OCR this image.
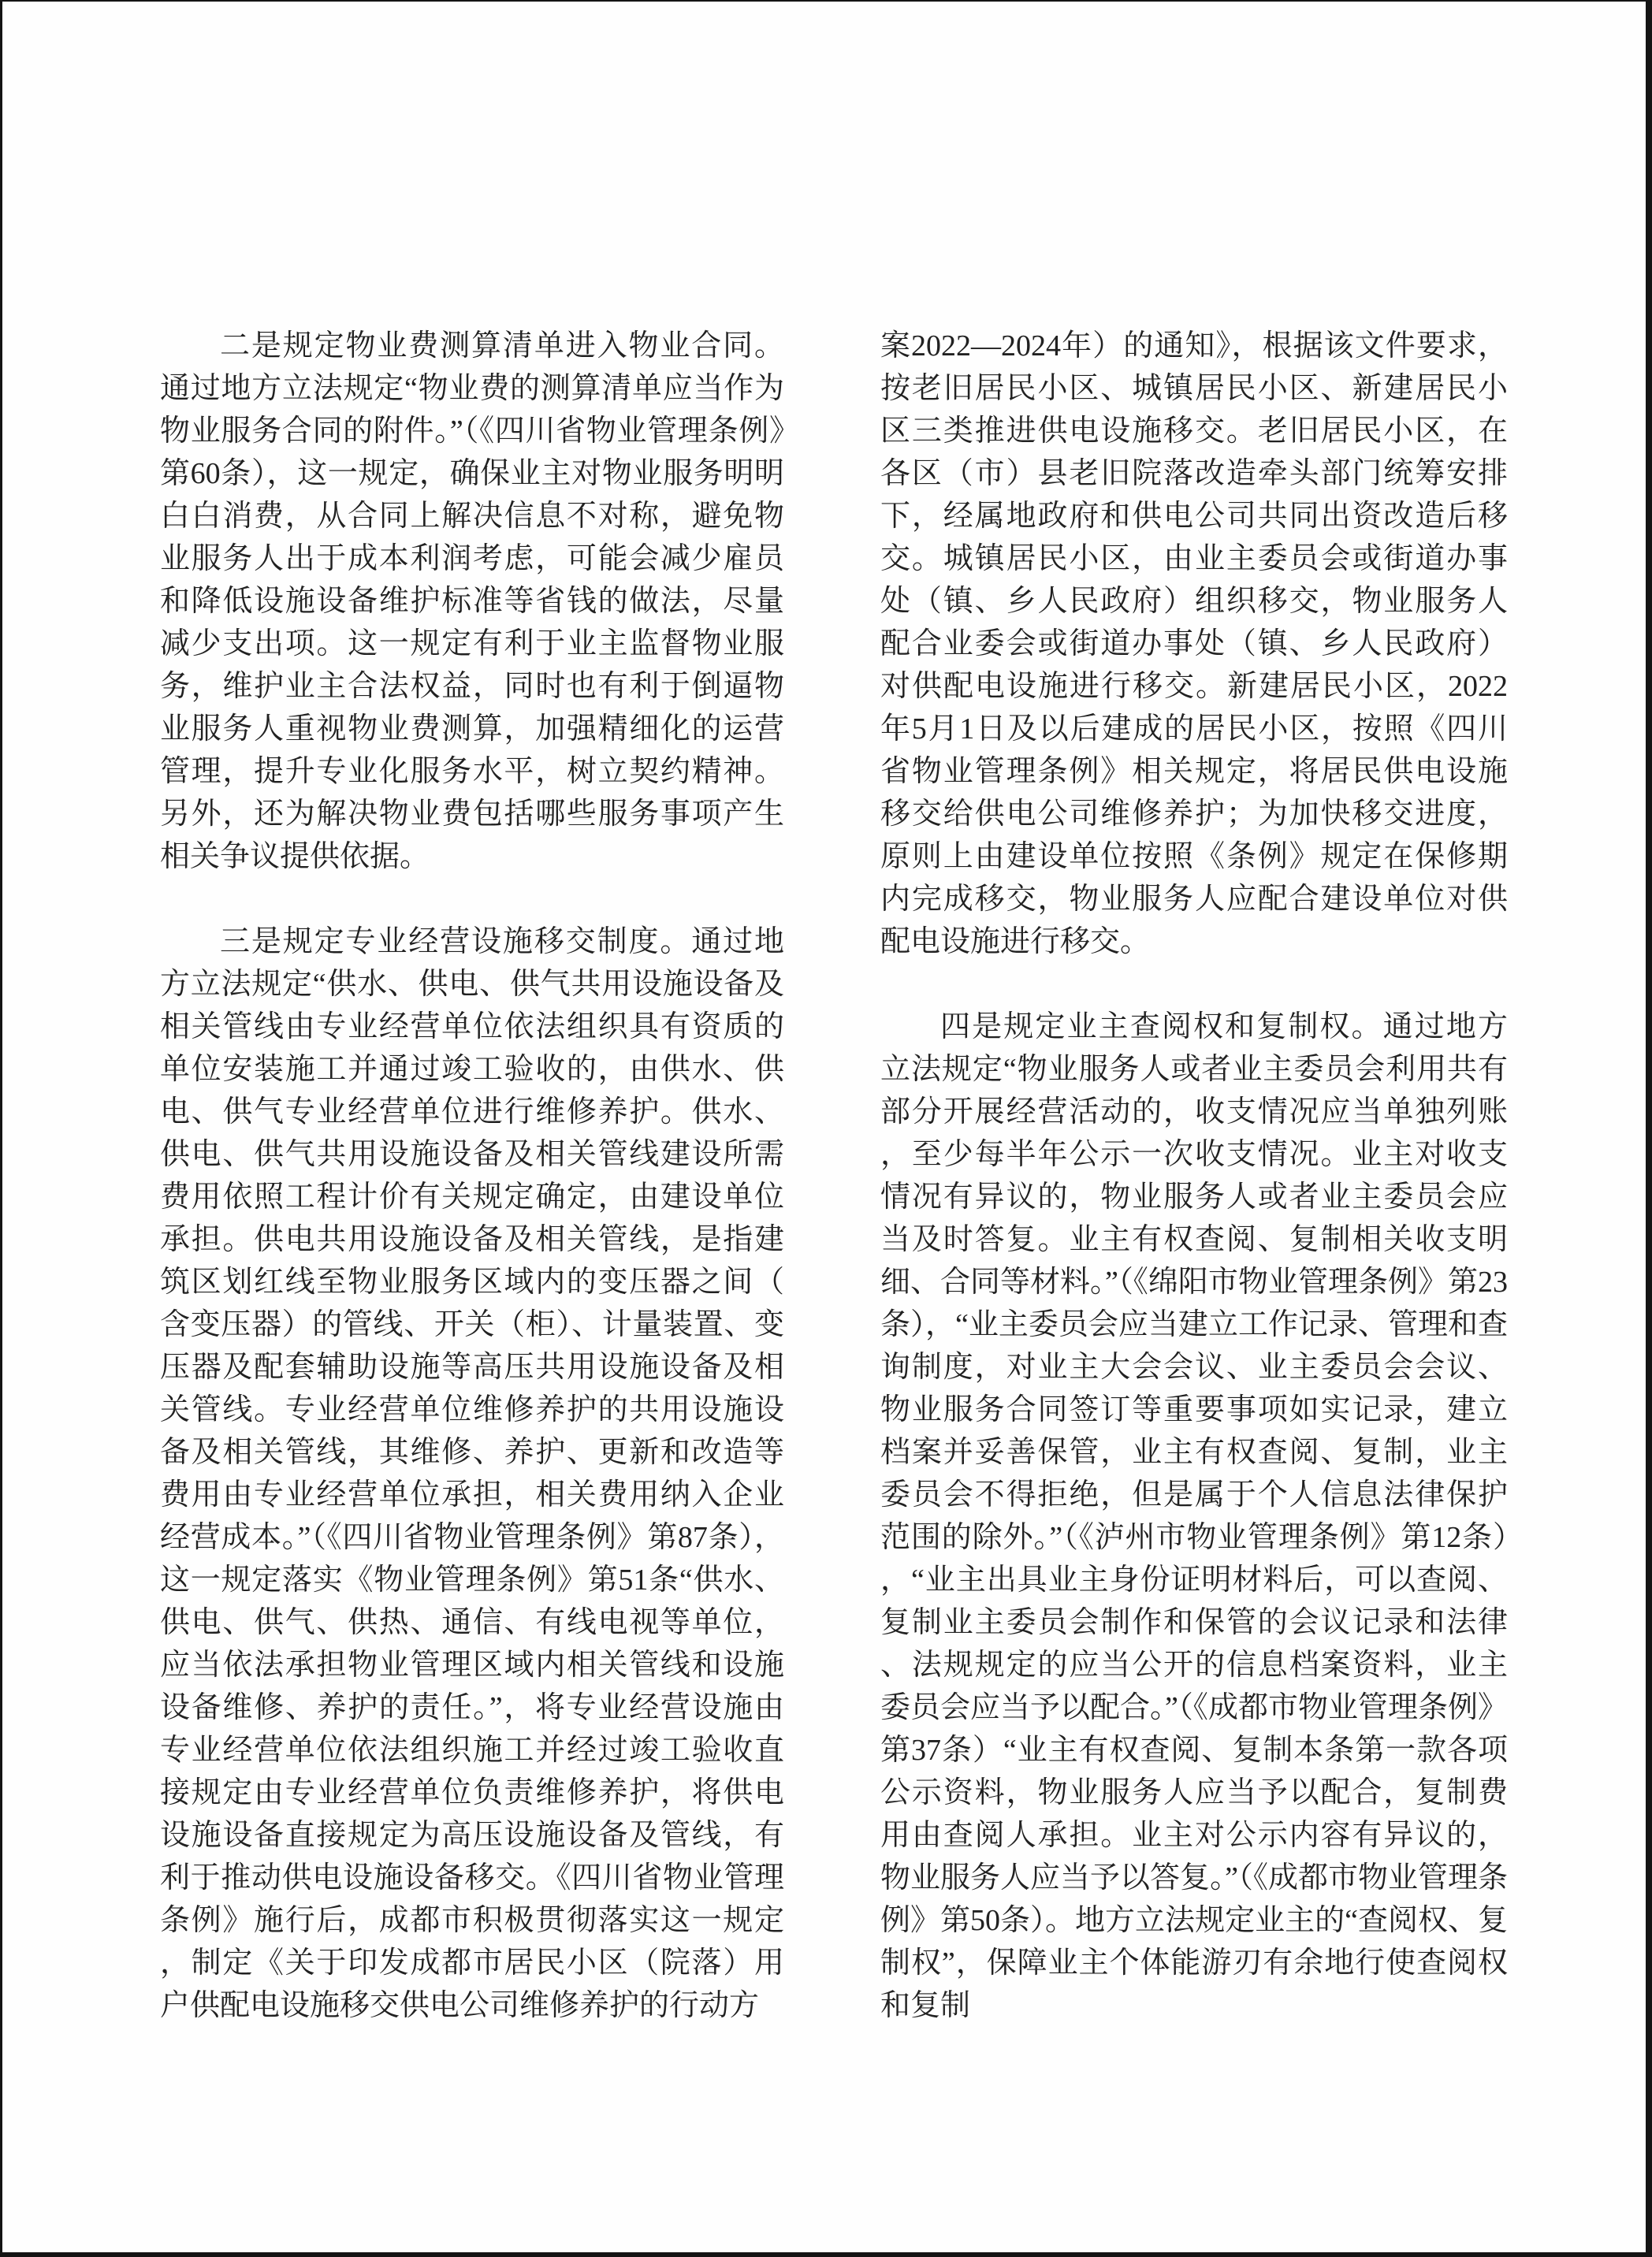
二是规定物业费测算清单进入物业合同。通过地方立法规定“物业费的测算清单应当作为物业服务合同的附件。”（《四川省物业管理条例》第60条），这一规定，确保业主对物业服务明明白白消费，从合同上解决信息不对称，避免物业服务人出于成本利润考虑，可能会减少雇员和降低设施设备维护标准等省钱的做法，尽量减少支出项。这一规定有利于业主监督物业服务，维护业主合法权益，同时也有利于倒逼物业服务人重视物业费测算，加强精细化的运营管理，提升专业化服务水平，树立契约精神。另外，还为解决物业费包括哪些服务事项产生相关争议提供依据。

三是规定专业经营设施移交制度。通过地方立法规定“供水、供电、供气共用设施设备及相关管线由专业经营单位依法组织具有资质的单位安装施工并通过竣工验收的，由供水、供电、供气专业经营单位进行维修养护。供水、供电、供气共用设施设备及相关管线建设所需费用依照工程计价有关规定确定，由建设单位承担。供电共用设施设备及相关管线，是指建筑区划红线至物业服务区域内的变压器之间（含变压器）的管线、开关（柜）、计量装置、变压器及配套辅助设施等高压共用设施设备及相关管线。专业经营单位维修养护的共用设施设备及相关管线，其维修、养护、更新和改造等费用由专业经营单位承担，相关费用纳入企业经营成本。”（《四川省物业管理条例》第87条），这一规定落实《物业管理条例》第51条“供水、供电、供气、供热、通信、有线电视等单位，应当依法承担物业管理区域内相关管线和设施设备维修、养护的责任。”，将专业经营设施由专业经营单位依法组织施工并经过竣工验收直接规定由专业经营单位负责维修养护，将供电设施设备直接规定为高压设施设备及管线，有利于推动供电设施设备移交。《四川省物业管理条例》施行后，成都市积极贯彻落实这一规定，制定《关于印发成都市居民小区（院落）用户供配电设施移交供电公司维修养护的行动方

案2022—2024年）的通知》，根据该文件要求，按老旧居民小区、城镇居民小区、新建居民小区三类推进供电设施移交。老旧居民小区，在各区（市）县老旧院落改造牵头部门统筹安排下，经属地政府和供电公司共同出资改造后移交。城镇居民小区，由业主委员会或街道办事处（镇、乡人民政府）组织移交，物业服务人配合业委会或街道办事处（镇、乡人民政府）对供配电设施进行移交。新建居民小区，2022年5月1日及以后建成的居民小区，按照《四川省物业管理条例》相关规定，将居民供电设施移交给供电公司维修养护；为加快移交进度，原则上由建设单位按照《条例》规定在保修期内完成移交，物业服务人应配合建设单位对供配电设施进行移交。

四是规定业主查阅权和复制权。通过地方立法规定“物业服务人或者业主委员会利用共有部分开展经营活动的，收支情况应当单独列账，至少每半年公示一次收支情况。业主对收支情况有异议的，物业服务人或者业主委员会应当及时答复。业主有权查阅、复制相关收支明细、合同等材料。”（《绵阳市物业管理条例》第23条），“业主委员会应当建立工作记录、管理和查询制度，对业主大会会议、业主委员会会议、物业服务合同签订等重要事项如实记录，建立档案并妥善保管，业主有权查阅、复制，业主委员会不得拒绝，但是属于个人信息法律保护范围的除外。”（《泸州市物业管理条例》第12条），“业主出具业主身份证明材料后，可以查阅、复制业主委员会制作和保管的会议记录和法律、法规规定的应当公开的信息档案资料，业主委员会应当予以配合。”（《成都市物业管理条例》第37条）“业主有权查阅、复制本条第一款各项公示资料，物业服务人应当予以配合，复制费用由查阅人承担。业主对公示内容有异议的，物业服务人应当予以答复。”（《成都市物业管理条例》第50条）。地方立法规定业主的“查阅权、复制权”，保障业主个体能游刃有余地行使查阅权和复制
